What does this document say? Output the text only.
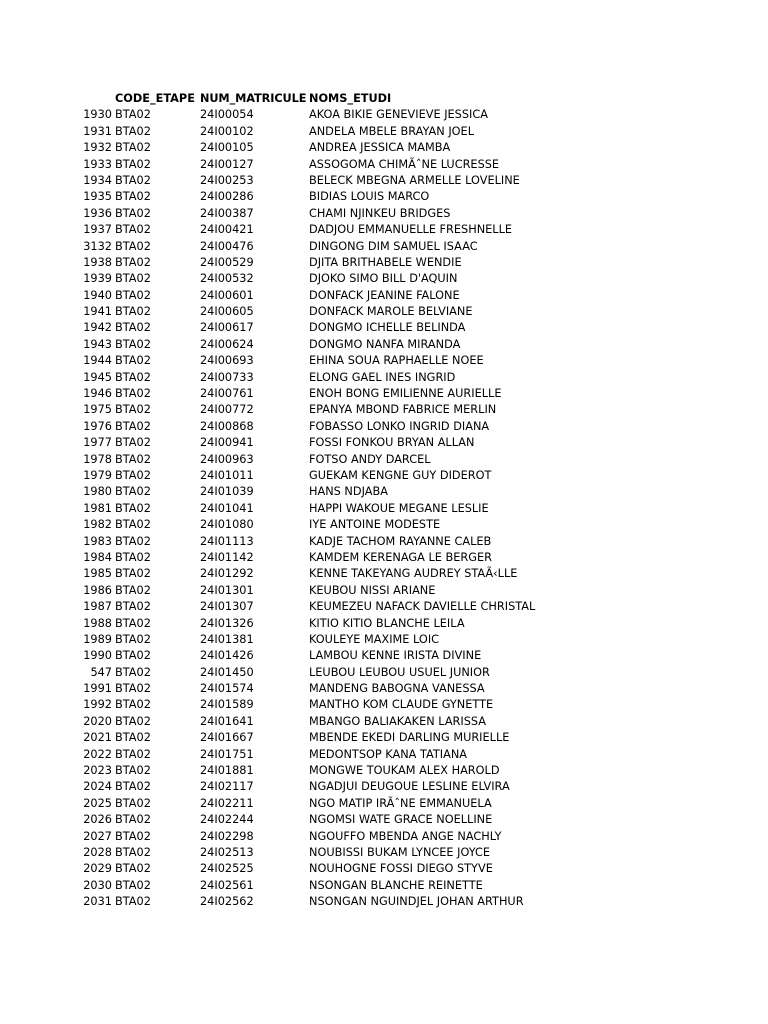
CODE_ETAPE NUM_MATRICULE NOMS_ETUDI
1930 BTA02	24I00054	AKOA BIKIE GENEVIEVE JESSICA
1931 BTA02	24I00102	ANDELA MBELE BRAYAN JOEL
1932 BTA02	24I00105	ANDREA JESSICA MAMBA
1933 BTA02	24I00127	ASSOGOMA CHIMÃˆNE LUCRESSE
1934 BTA02	24I00253	BELECK MBEGNA ARMELLE LOVELINE
1935 BTA02	24I00286	BIDIAS LOUIS MARCO
1936 BTA02	24I00387	CHAMI NJINKEU BRIDGES
1937 BTA02	24I00421	DADJOU EMMANUELLE FRESHNELLE
3132 BTA02	24I00476	DINGONG DIM SAMUEL ISAAC
1938 BTA02	24I00529	DJITA BRITHABELE WENDIE
1939 BTA02	24I00532	DJOKO SIMO BILL D'AQUIN
1940 BTA02	24I00601	DONFACK JEANINE FALONE
1941 BTA02	24I00605	DONFACK MAROLE BELVIANE
1942 BTA02	24I00617	DONGMO ICHELLE BELINDA
1943 BTA02	24I00624	DONGMO NANFA MIRANDA
1944 BTA02	24I00693	EHINA SOUA RAPHAELLE NOEE
1945 BTA02	24I00733	ELONG GAEL INES INGRID
1946 BTA02	24I00761	ENOH BONG EMILIENNE AURIELLE
1975 BTA02	24I00772	EPANYA MBOND FABRICE MERLIN
1976 BTA02	24I00868	FOBASSO LONKO INGRID DIANA
1977 BTA02	24I00941	FOSSI FONKOU BRYAN ALLAN
1978 BTA02	24I00963	FOTSO ANDY DARCEL
1979 BTA02	24I01011	GUEKAM KENGNE GUY DIDEROT
1980 BTA02	24I01039	HANS NDJABA
1981 BTA02	24I01041	HAPPI WAKOUE MEGANE LESLIE
1982 BTA02	24I01080	IYE ANTOINE MODESTE
1983 BTA02	24I01113	KADJE TACHOM RAYANNE CALEB
1984 BTA02	24I01142	KAMDEM KERENAGA LE BERGER
1985 BTA02	24I01292	KENNE TAKEYANG AUDREY STAÃ‹LLE
1986 BTA02	24I01301	KEUBOU NISSI ARIANE
1987 BTA02	24I01307	KEUMEZEU NAFACK DAVIELLE CHRISTAL
1988 BTA02	24I01326	KITIO KITIO BLANCHE LEILA
1989 BTA02	24I01381	KOULEYE MAXIME LOIC
1990 BTA02	24I01426	LAMBOU KENNE IRISTA DIVINE
547 BTA02	24I01450	LEUBOU LEUBOU USUEL JUNIOR
1991 BTA02	24I01574	MANDENG BABOGNA VANESSA
1992 BTA02	24I01589	MANTHO KOM CLAUDE GYNETTE
2020 BTA02	24I01641	MBANGO BALIAKAKEN LARISSA
2021 BTA02	24I01667	MBENDE EKEDI DARLING MURIELLE
2022 BTA02	24I01751	MEDONTSOP KANA TATIANA
2023 BTA02	24I01881	MONGWE TOUKAM ALEX HAROLD
2024 BTA02	24I02117	NGADJUI DEUGOUE LESLINE ELVIRA
2025 BTA02	24I02211	NGO MATIP IRÃˆNE EMMANUELA
2026 BTA02	24I02244	NGOMSI WATE GRACE NOELLINE
2027 BTA02	24I02298	NGOUFFO MBENDA ANGE NACHLY
2028 BTA02	24I02513	NOUBISSI BUKAM LYNCEE JOYCE
2029 BTA02	24I02525	NOUHOGNE FOSSI DIEGO STYVE
2030 BTA02	24I02561	NSONGAN BLANCHE REINETTE
2031 BTA02	24I02562	NSONGAN NGUINDJEL JOHAN ARTHUR
